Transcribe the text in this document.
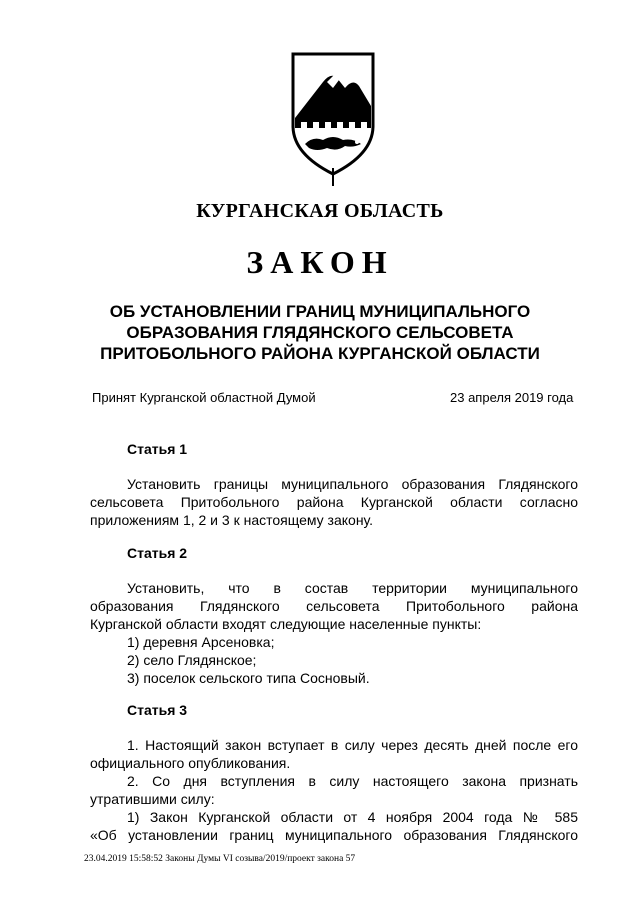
КУРГАНСКАЯ ОБЛАСТЬ
ЗАКОН
ОБ УСТАНОВЛЕНИИ ГРАНИЦ МУНИЦИПАЛЬНОГО
ОБРАЗОВАНИЯ ГЛЯДЯНСКОГО СЕЛЬСОВЕТА
ПРИТОБОЛЬНОГО РАЙОНА КУРГАНСКОЙ ОБЛАСТИ
Принят Курганской областной Думой	23 апреля 2019 года
Статья 1
Установить границы муниципального образования Глядянского сельсовета Притобольного района Курганской области согласно приложениям 1, 2 и 3 к настоящему закону.
Статья 2
Установить, что в состав территории муниципального
образования Глядянского сельсовета Притобольного района
Курганской области входят следующие населенные пункты:
1) деревня Арсеновка;
2) село Глядянское;
3) поселок сельского типа Сосновый.
Статья 3
1. Настоящий закон вступает в силу через десять дней после его официального опубликования.
2. Со дня вступления в силу настоящего закона признать утратившими силу:
1) Закон Курганской области от 4 ноября 2004 года № 585
«Об установлении границ муниципального образования Глядянского
23.04.2019 15:58:52 Законы Думы VI созыва/2019/проект закона 57
